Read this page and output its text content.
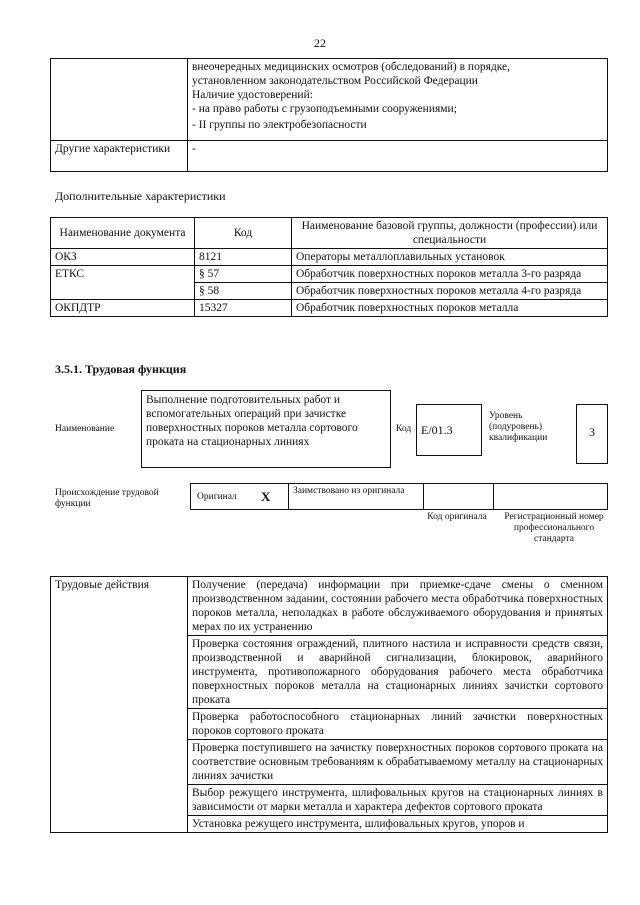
22

	внеочередных медицинских осмотров (обследований) в порядке,
установленном законодательством Российской Федерации
Наличие удостоверений:
- на право работы с грузоподъемными сооружениями;
- II группы по электробезопасности

Другие характеристики	-
Дополнительные характеристики
Наименование документа	Код	Наименование базовой группы, должности (профессии) или специальности
ОКЗ	8121	Операторы металлоплавильных установок
ЕТКС	§ 57	Обработчик поверхностных пороков металла 3-го разряда
	§ 58	Обработчик поверхностных пороков металла 4-го разряда
ОКПДТР	15327	Обработчик поверхностных пороков металла
3.5.1. Трудовая функция
Наименование
Выполнение подготовительных работ и вспомогательных операций при зачистке поверхностных пороков металла сортового проката на стационарных линиях
Код E/01.3
Уровень (подуровень) квалификации	3
Происхождение трудовой функции
Оригинал X Заимствовано из оригинала
Код оригинала	Регистрационный номер профессионального стандарта
Трудовые действия	Получение (передача) информации при приемке-сдаче смены о сменном производственном задании, состоянии рабочего места обработчика поверхностных пороков металла, неполадках в работе обслуживаемого оборудования и принятых мерах по их устранению
Проверка состояния ограждений, плитного настила и исправности средств связи, производственной и аварийной сигнализации, блокировок, аварийного инструмента, противопожарного оборудования рабочего места обработчика поверхностных пороков металла на стационарных линиях зачистки сортового проката
Проверка работоспособного стационарных линий зачистки поверхностных пороков сортового проката
Проверка поступившего на зачистку поверхностных пороков сортового проката на соответствие основным требованиям к обрабатываемому металлу на стационарных линиях зачистки
Выбор режущего инструмента, шлифовальных кругов на стационарных линиях в зависимости от марки металла и характера дефектов сортового проката
Установка режущего инструмента, шлифовальных кругов, упоров и
